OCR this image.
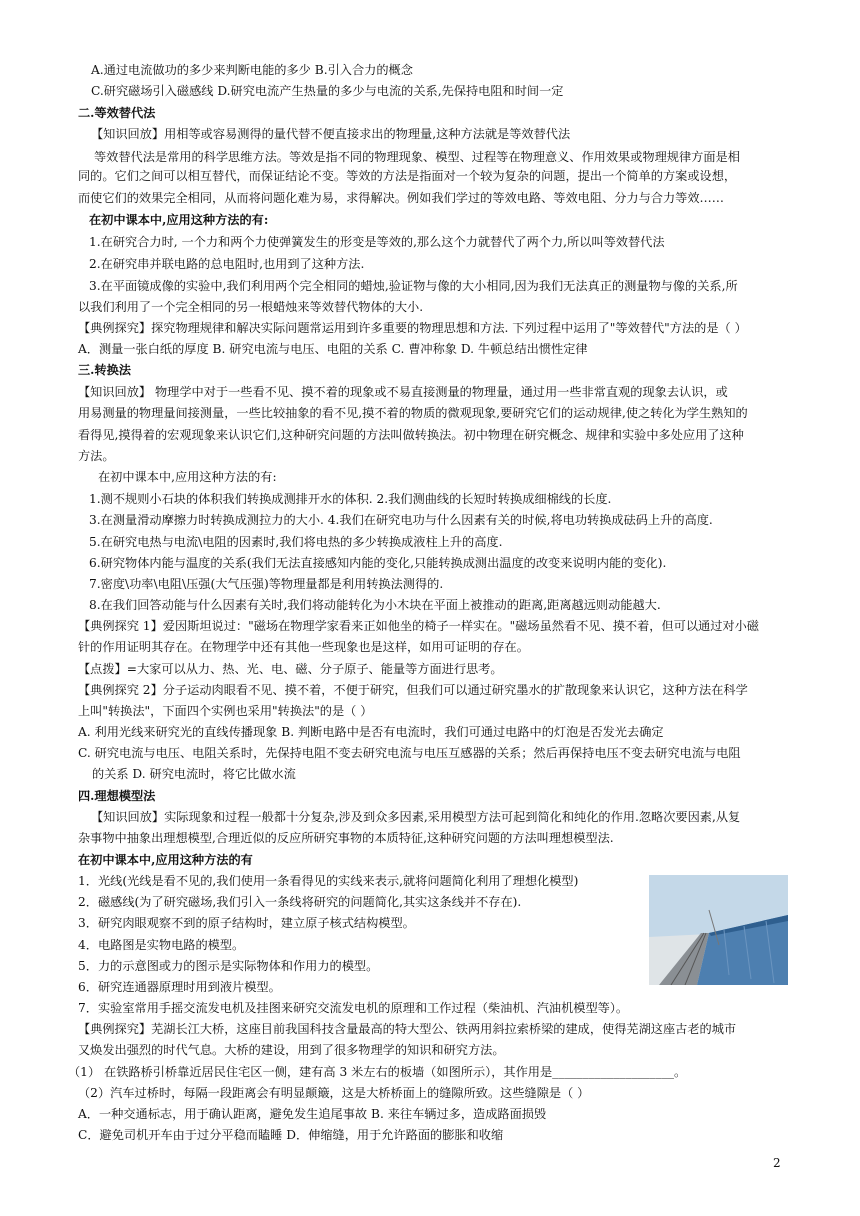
A.通过电流做功的多少来判断电能的多少 B.引入合力的概念
C.研究磁场引入磁感线 D.研究电流产生热量的多少与电流的关系,先保持电阻和时间一定
二.等效替代法
【知识回放】用相等或容易测得的量代替不便直接求出的物理量,这种方法就是等效替代法
等效替代法是常用的科学思维方法。等效是指不同的物理现象、模型、过程等在物理意义、作用效果或物理规律方面是相
同的。它们之间可以相互替代，而保证结论不变。等效的方法是指面对一个较为复杂的问题，提出一个简单的方案或设想，
而使它们的效果完全相同，从而将问题化难为易，求得解决。例如我们学过的等效电路、等效电阻、分力与合力等效……
在初中课本中,应用这种方法的有:
1.在研究合力时, 一个力和两个力使弹簧发生的形变是等效的,那么这个力就替代了两个力,所以叫等效替代法
2.在研究串并联电路的总电阻时,也用到了这种方法.
3.在平面镜成像的实验中,我们利用两个完全相同的蜡烛,验证物与像的大小相同,因为我们无法真正的测量物与像的关系,所
以我们利用了一个完全相同的另一根蜡烛来等效替代物体的大小.
【典例探究】探究物理规律和解决实际问题常运用到许多重要的物理思想和方法. 下列过程中运用了"等效替代"方法的是（ ）
A．测量一张白纸的厚度 B. 研究电流与电压、电阻的关系 C. 曹冲称象 D. 牛顿总结出惯性定律
三.转换法
【知识回放】 物理学中对于一些看不见、摸不着的现象或不易直接测量的物理量，通过用一些非常直观的现象去认识，或
用易测量的物理量间接测量，一些比较抽象的看不见,摸不着的物质的微观现象,要研究它们的运动规律,使之转化为学生熟知的
看得见,摸得着的宏观现象来认识它们,这种研究问题的方法叫做转换法。初中物理在研究概念、规律和实验中多处应用了这种
方法。
在初中课本中,应用这种方法的有:
1.测不规则小石块的体积我们转换成测排开水的体积. 2.我们测曲线的长短时转换成细棉线的长度.
3.在测量滑动摩擦力时转换成测拉力的大小. 4.我们在研究电功与什么因素有关的时候,将电功转换成砝码上升的高度.
5.在研究电热与电流\电阻的因素时,我们将电热的多少转换成液柱上升的高度.
6.研究物体内能与温度的关系(我们无法直接感知内能的变化,只能转换成测出温度的改变来说明内能的变化).
7.密度\功率\电阻\压强(大气压强)等物理量都是利用转换法测得的.
8.在我们回答动能与什么因素有关时,我们将动能转化为小木块在平面上被推动的距离,距离越远则动能越大.
【典例探究 1】爱因斯坦说过："磁场在物理学家看来正如他坐的椅子一样实在。"磁场虽然看不见、摸不着，但可以通过对小磁
针的作用证明其存在。在物理学中还有其他一些现象也是这样，如用可证明的存在。
【点拨】=大家可以从力、热、光、电、磁、分子原子、能量等方面进行思考。
【典例探究 2】分子运动肉眼看不见、摸不着，不便于研究，但我们可以通过研究墨水的扩散现象来认识它，这种方法在科学
上叫"转换法"，下面四个实例也采用"转换法"的是（ ）
A. 利用光线来研究光的直线传播现象 B. 判断电路中是否有电流时，我们可通过电路中的灯泡是否发光去确定
C. 研究电流与电压、电阻关系时，先保持电阻不变去研究电流与电压互感器的关系；然后再保持电压不变去研究电流与电阻
的关系 D. 研究电流时，将它比做水流
四.理想模型法
【知识回放】实际现象和过程一般都十分复杂,涉及到众多因素,采用模型方法可起到简化和纯化的作用.忽略次要因素,从复
杂事物中抽象出理想模型,合理近似的反应所研究事物的本质特征,这种研究问题的方法叫理想模型法.
在初中课本中,应用这种方法的有
1．光线(光线是看不见的,我们使用一条看得见的实线来表示,就将问题简化利用了理想化模型)
2．磁感线(为了研究磁场,我们引入一条线将研究的问题简化,其实这条线并不存在).
3．研究肉眼观察不到的原子结构时，建立原子核式结构模型。
4．电路图是实物电路的模型。
5．力的示意图或力的图示是实际物体和作用力的模型。
6．研究连通器原理时用到液片模型。
7．实验室常用手摇交流发电机及挂图来研究交流发电机的原理和工作过程（柴油机、汽油机模型等）。
【典例探究】芜湖长江大桥，这座目前我国科技含量最高的特大型公、铁两用斜拉索桥梁的建成，使得芜湖这座古老的城市
又焕发出强烈的时代气息。大桥的建设，用到了很多物理学的知识和研究方法。
（1） 在铁路桥引桥靠近居民住宅区一侧，建有高 3 米左右的板墙（如图所示），其作用是____________________。
（2）汽车过桥时，每隔一段距离会有明显颠簸，这是大桥桥面上的缝隙所致。这些缝隙是（ ）
A．一种交通标志，用于确认距离，避免发生追尾事故 B. 来往车辆过多，造成路面损毁
C．避免司机开车由于过分平稳而瞌睡 D．伸缩缝，用于允许路面的膨胀和收缩
2
